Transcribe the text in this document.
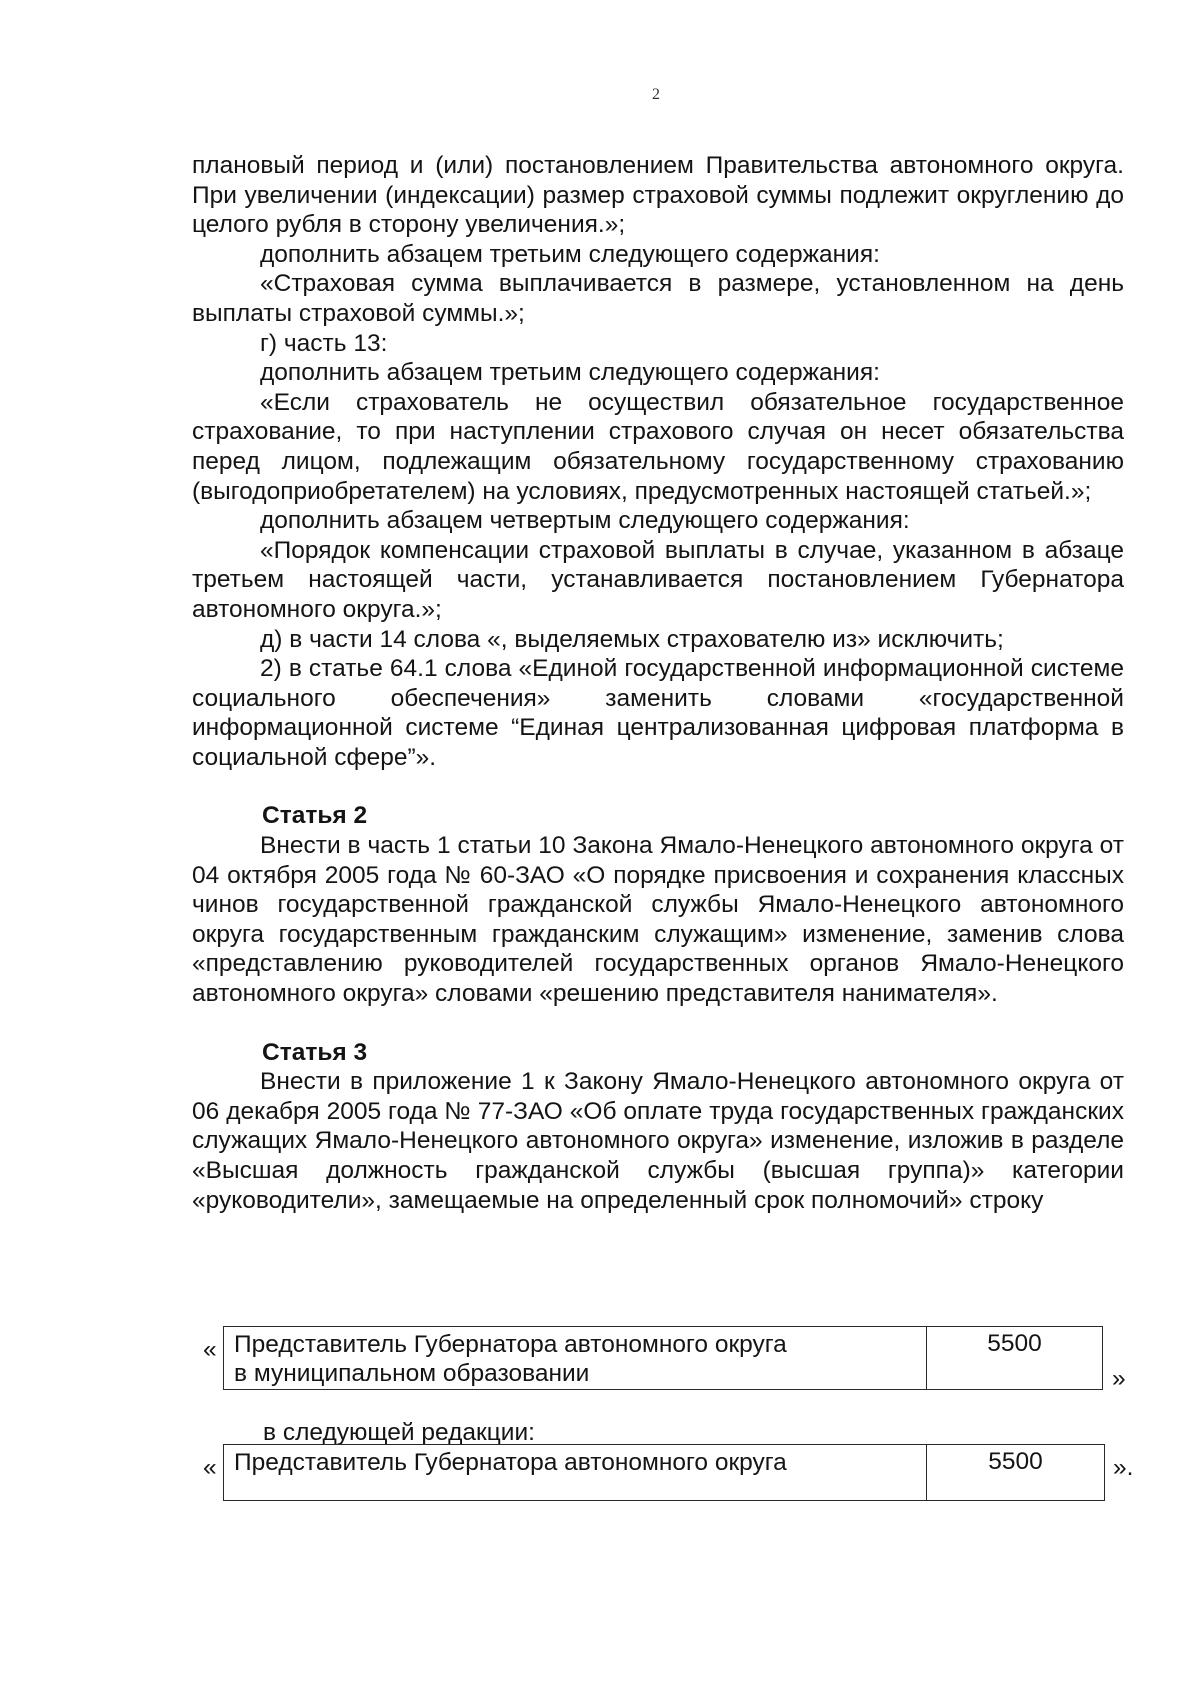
2

плановый период и (или) постановлением Правительства автономного округа. При увеличении (индексации) размер страховой суммы подлежит округлению до целого рубля в сторону увеличения.»;

дополнить абзацем третьим следующего содержания:

«Страховая сумма выплачивается в размере, установленном на день выплаты страховой суммы.»;

г) часть 13:

дополнить абзацем третьим следующего содержания:

«Если страхователь не осуществил обязательное государственное страхование, то при наступлении страхового случая он несет обязательства перед лицом, подлежащим обязательному государственному страхованию (выгодоприобретателем) на условиях, предусмотренных настоящей статьей.»;

дополнить абзацем четвертым следующего содержания:

«Порядок компенсации страховой выплаты в случае, указанном в абзаце третьем настоящей части, устанавливается постановлением Губернатора автономного округа.»;

д) в части 14 слова «, выделяемых страхователю из» исключить;

2) в статье 64.1 слова «Единой государственной информационной системе социального обеспечения» заменить словами «государственной информационной системе “Единая централизованная цифровая платформа в социальной сфере”».

Статья 2

Внести в часть 1 статьи 10 Закона Ямало-Ненецкого автономного округа от 04 октября 2005 года № 60-ЗАО «О порядке присвоения и сохранения классных чинов государственной гражданской службы Ямало-Ненецкого автономного округа государственным гражданским служащим» изменение, заменив слова «представлению руководителей государственных органов Ямало-Ненецкого автономного округа» словами «решению представителя нанимателя».

Статья 3

Внести в приложение 1 к Закону Ямало-Ненецкого автономного округа от 06 декабря 2005 года № 77-ЗАО «Об оплате труда государственных гражданских служащих Ямало-Ненецкого автономного округа» изменение, изложив в разделе «Высшая должность гражданской службы (высшая группа)» категории «руководители», замещаемые на определенный срок полномочий» строку

« Представитель Губернатора автономного округа
в муниципальном образовании
5500
»
в следующей редакции:
« Представитель Губернатора автономного округа	5500	».
